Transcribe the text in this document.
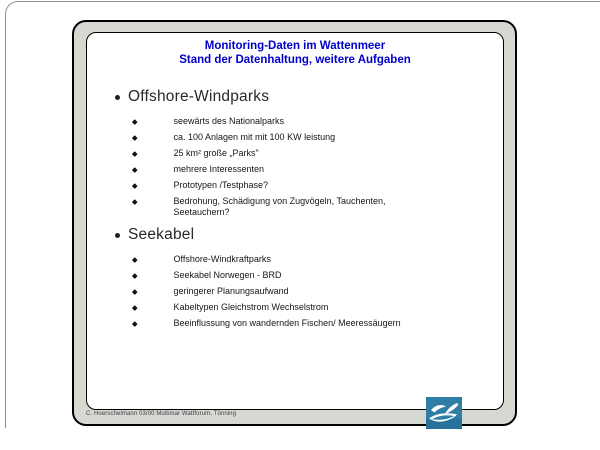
Monitoring-Daten im Wattenmeer
Stand der Datenhaltung, weitere Aufgaben
Offshore-Windparks
seewärts des Nationalparks
ca. 100 Anlagen mit mit 100 KW leistung
25 km² große „Parks"
mehrere Interessenten
Prototypen /Testphase?
Bedrohung, Schädigung von Zugvögeln, Tauchenten, Seetauchern?
Seekabel
Offshore-Windkraftparks
Seekabel Norwegen - BRD
geringerer Planungsaufwand
Kabeltypen Gleichstrom Wechselstrom
Beeinflussung von wandernden Fischen/ Meeressäugern
C. Hoerschelmann 03/00 Multimar Wattforum, Tönning
